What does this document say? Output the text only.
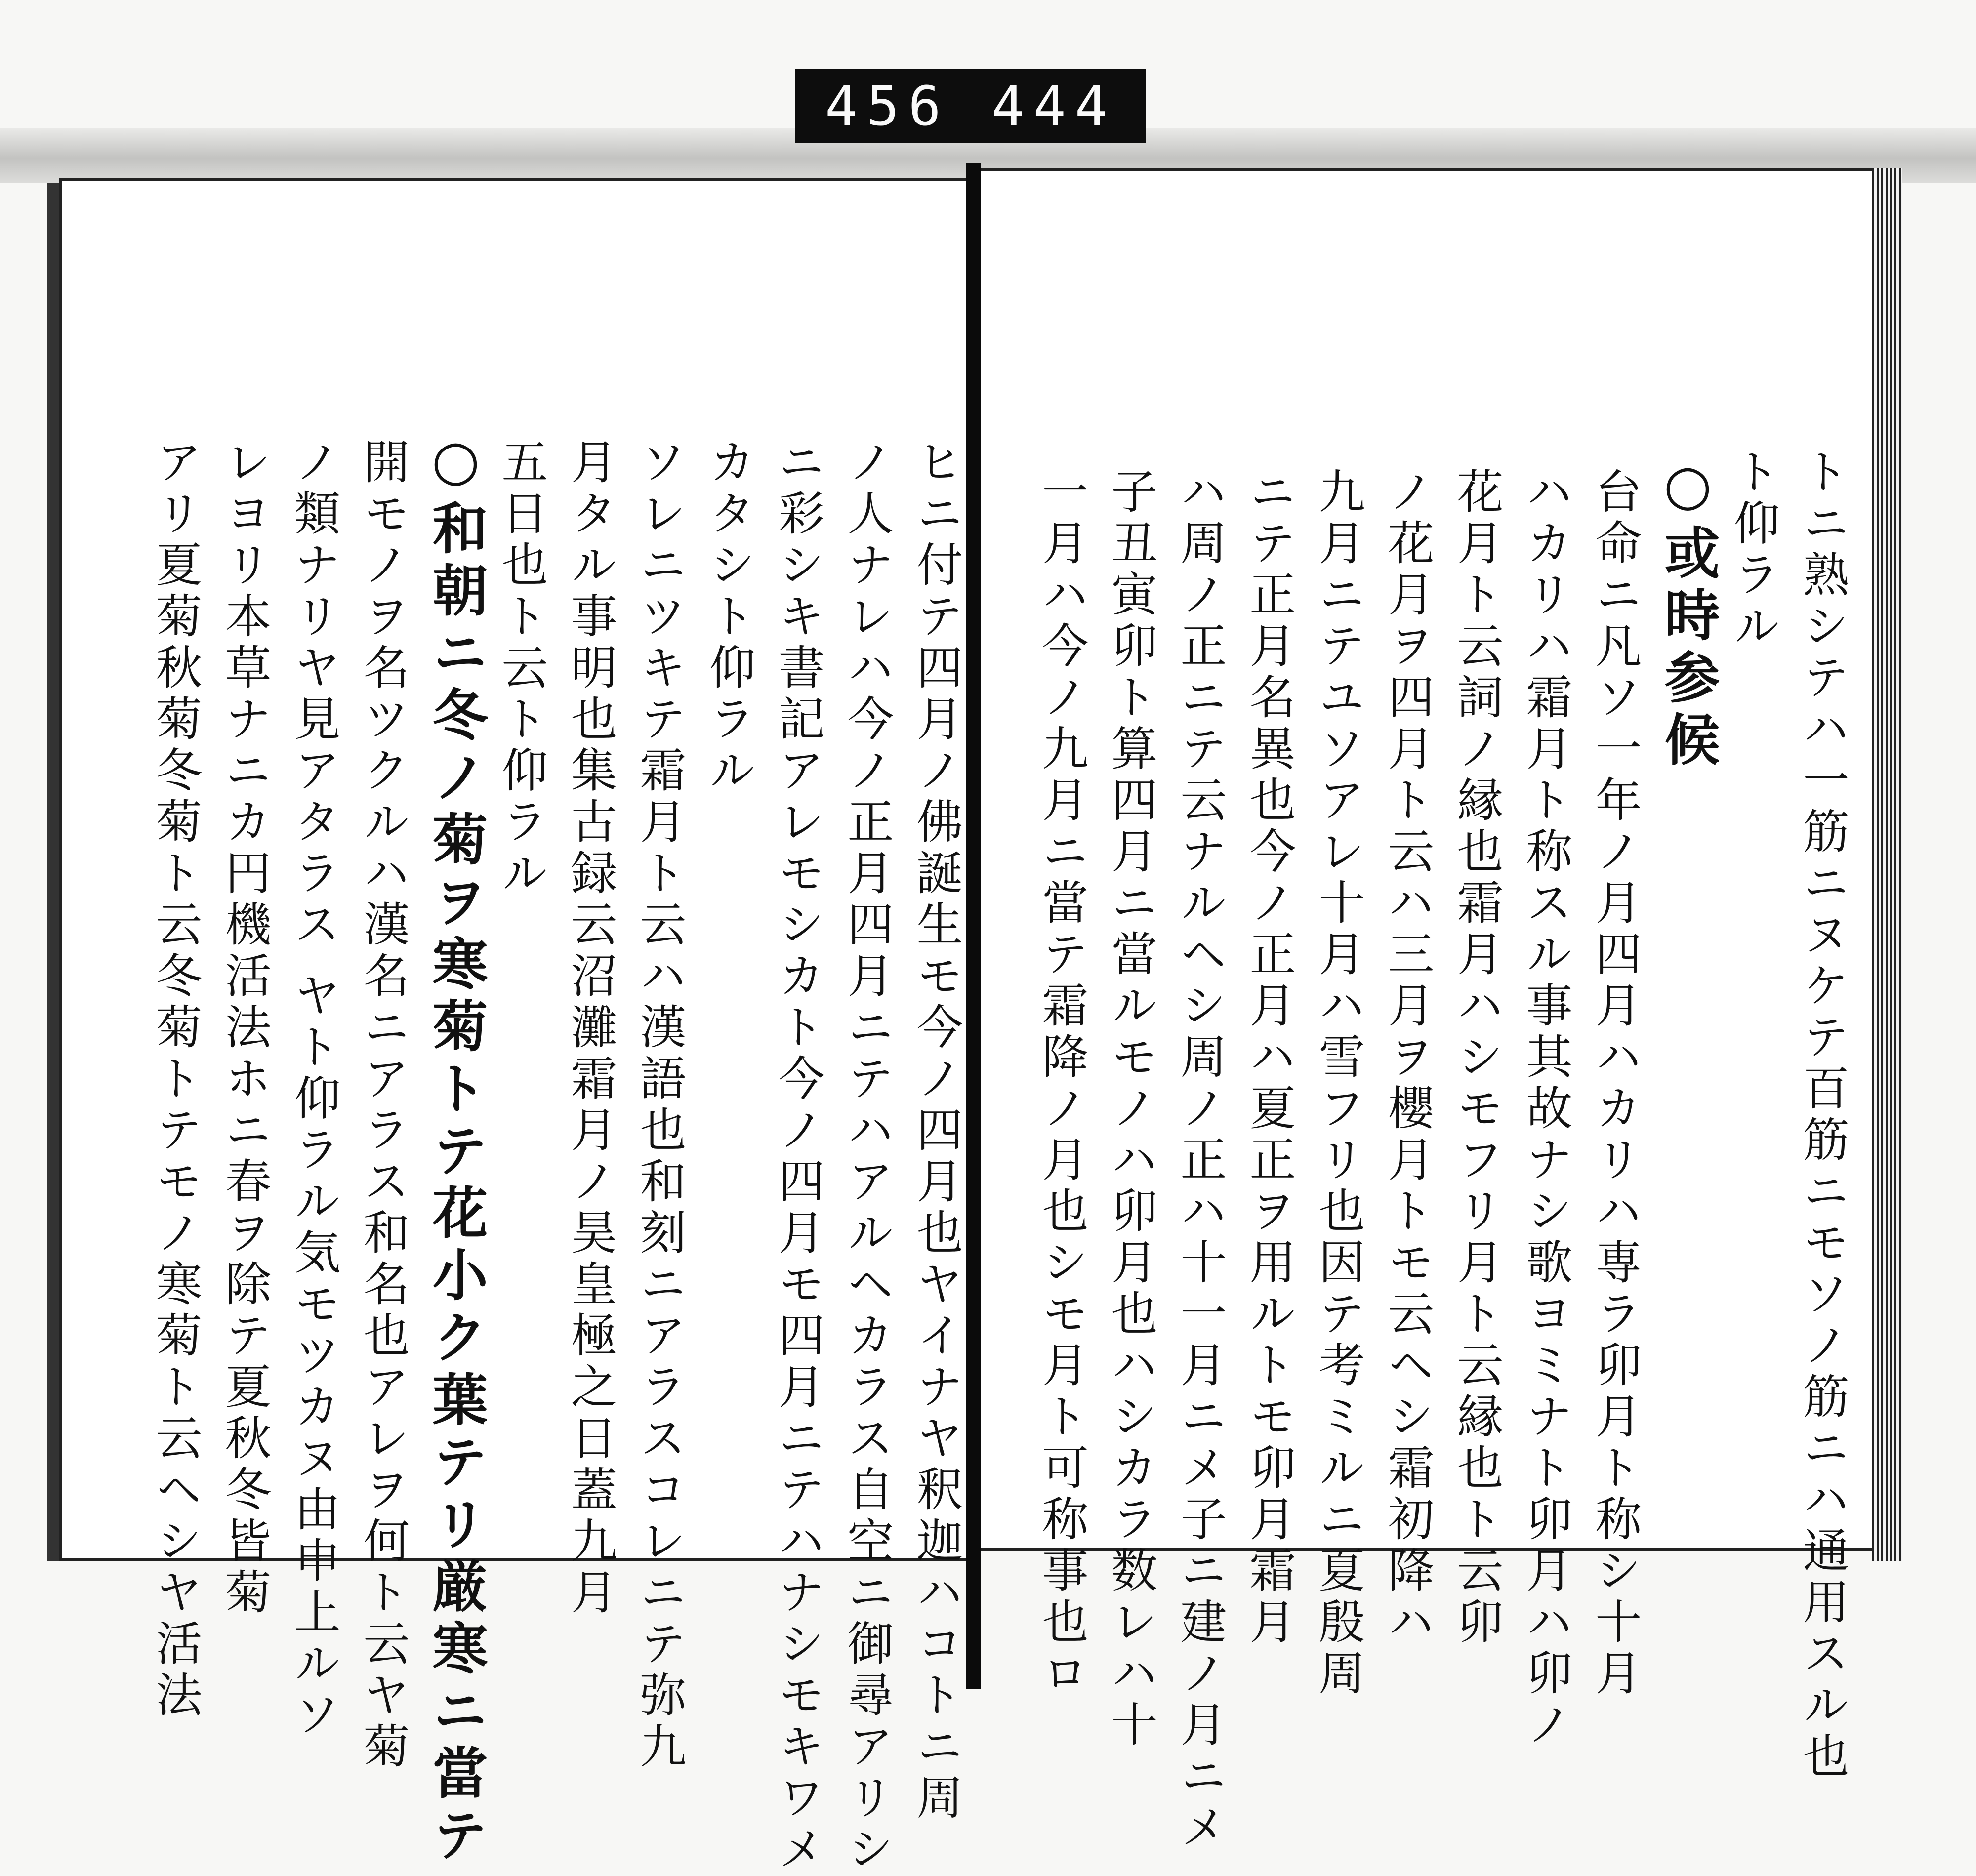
456 444
ヒニ付テ四月ノ佛誕生モ今ノ四月也ヤイナヤ釈迦ハコトニ周
ノ人ナレハ今ノ正月四月ニテハアルヘカラス自空ニ御尋アリシ
ニ彩シキ書記アレモシカト今ノ四月モ四月ニテハナシモキワメ
カタシト仰ラル
ソレニツキテ霜月ト云ハ漢語也和刻ニアラスコレニテ弥九
月タル事明也集古録云沼灘霜月ノ昊皇極之日蓋九月
五日也ト云ト仰ラル
○和朝ニ冬ノ菊ヲ寒菊トテ花小ク葉テリ厳寒ニ當テ
開モノヲ名ツクルハ漢名ニアラス和名也アレヲ何ト云ヤ菊
ノ類ナリヤ見アタラス ヤト仰ラル気モツカヌ由申上ルソ
レヨリ本草ナニカ円機活法ホニ春ヲ除テ夏秋冬皆菊
アリ夏菊秋菊冬菊ト云冬菊トテモノ寒菊ト云ヘシヤ活法	トニ熟シテハ一筋ニヌケテ百筋ニモソノ筋ニハ通用スル也
ト仰ラル
○或時参候
台命ニ凡ソ一年ノ月四月ハカリハ専ラ卯月ト称シ十月
ハカリハ霜月ト称スル事其故ナシ歌ヨミナト卯月ハ卯ノ
花月ト云詞ノ縁也霜月ハシモフリ月ト云縁也ト云卯
ノ花月ヲ四月ト云ハ三月ヲ櫻月トモ云ヘシ霜初降ハ
九月ニテユソアレ十月ハ雪フリ也因テ考ミルニ夏殷周
ニテ正月名異也今ノ正月ハ夏正ヲ用ルトモ卯月霜月
ハ周ノ正ニテ云ナルヘシ周ノ正ハ十一月ニメ子ニ建ノ月ニメ
子丑寅卯ト算四月ニ當ルモノハ卯月也ハシカラ数レハ十
一月ハ今ノ九月ニ當テ霜降ノ月也シモ月ト可称事也ロ
